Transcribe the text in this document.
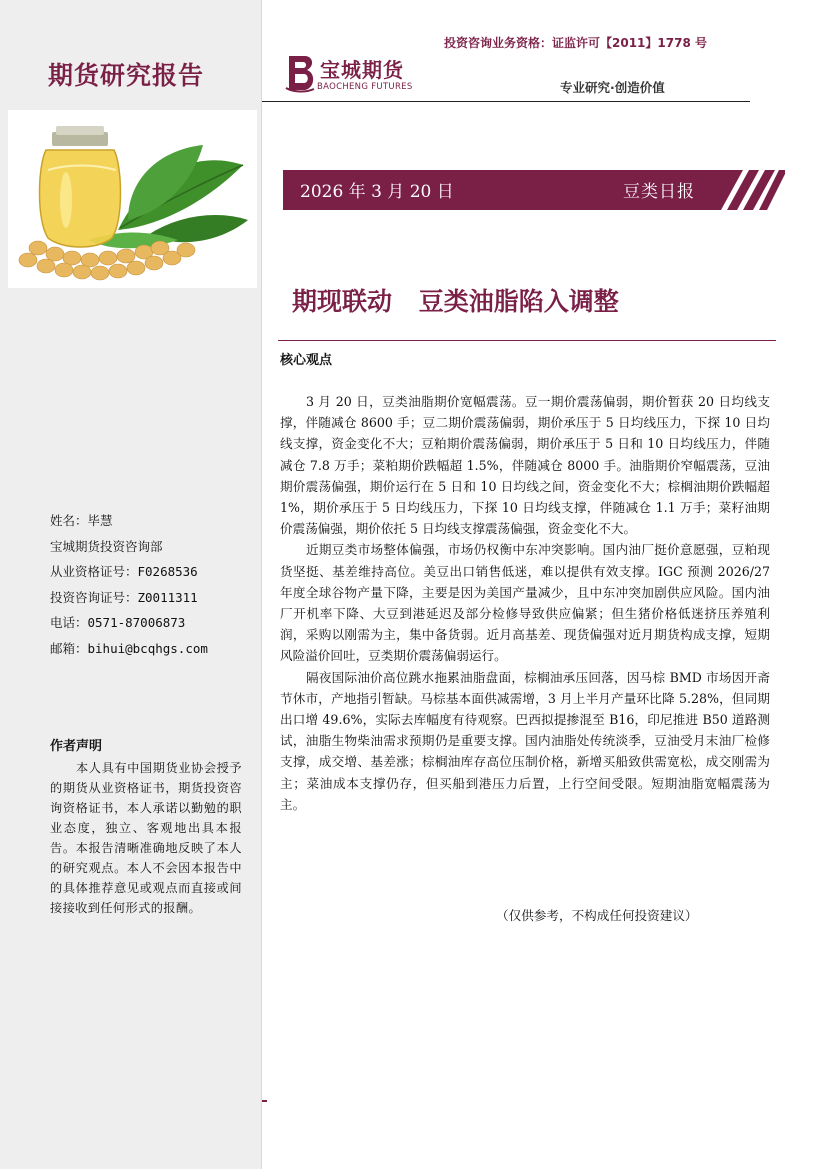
期货研究报告
姓名：毕慧
宝城期货投资咨询部
从业资格证号：F0268536
投资咨询证号：Z0011311
电话：0571-87006873
邮箱：bihui@bcqhgs.com
作者声明
本人具有中国期货业协会授予的期货从业资格证书，期货投资咨询资格证书，本人承诺以勤勉的职业态度，独立、客观地出具本报告。本报告清晰准确地反映了本人的研究观点。本人不会因本报告中的具体推荐意见或观点而直接或间接接收到任何形式的报酬。
投资咨询业务资格：证监许可【2011】1778 号
宝城期货
BAOCHENG FUTURES	专业研究·创造价值
2026 年 3 月 20 日	豆类日报
期现联动 豆类油脂陷入调整
核心观点

3 月 20 日，豆类油脂期价宽幅震荡。豆一期价震荡偏弱，期价暂获 20 日均线支撑，伴随减仓 8600 手；豆二期价震荡偏弱，期价承压于 5 日均线压力，下探 10 日均线支撑，资金变化不大；豆粕期价震荡偏弱，期价承压于 5 日和 10 日均线压力，伴随减仓 7.8 万手；菜粕期价跌幅超 1.5%，伴随减仓 8000 手。油脂期价窄幅震荡，豆油期价震荡偏强，期价运行在 5 日和 10 日均线之间，资金变化不大；棕榈油期价跌幅超 1%，期价承压于 5 日均线压力，下探 10 日均线支撑，伴随减仓 1.1 万手；菜籽油期价震荡偏强，期价依托 5 日均线支撑震荡偏强，资金变化不大。

近期豆类市场整体偏强，市场仍权衡中东冲突影响。国内油厂挺价意愿强，豆粕现货坚挺、基差维持高位。美豆出口销售低迷，难以提供有效支撑。IGC 预测 2026/27 年度全球谷物产量下降，主要是因为美国产量减少，且中东冲突加剧供应风险。国内油厂开机率下降、大豆到港延迟及部分检修导致供应偏紧；但生猪价格低迷挤压养殖利润，采购以刚需为主，集中备货弱。近月高基差、现货偏强对近月期货构成支撑，短期风险溢价回吐，豆类期价震荡偏弱运行。

隔夜国际油价高位跳水拖累油脂盘面，棕榈油承压回落，因马棕 BMD 市场因开斋节休市，产地指引暂缺。马棕基本面供减需增，3 月上半月产量环比降 5.28%，但同期出口增 49.6%，实际去库幅度有待观察。巴西拟提掺混至 B16，印尼推进 B50 道路测试，油脂生物柴油需求预期仍是重要支撑。国内油脂处传统淡季，豆油受月末油厂检修支撑，成交增、基差涨；棕榈油库存高位压制价格，新增买船致供需宽松，成交刚需为主；菜油成本支撑仍存，但买船到港压力后置，上行空间受限。短期油脂宽幅震荡为主。

（仅供参考，不构成任何投资建议）
